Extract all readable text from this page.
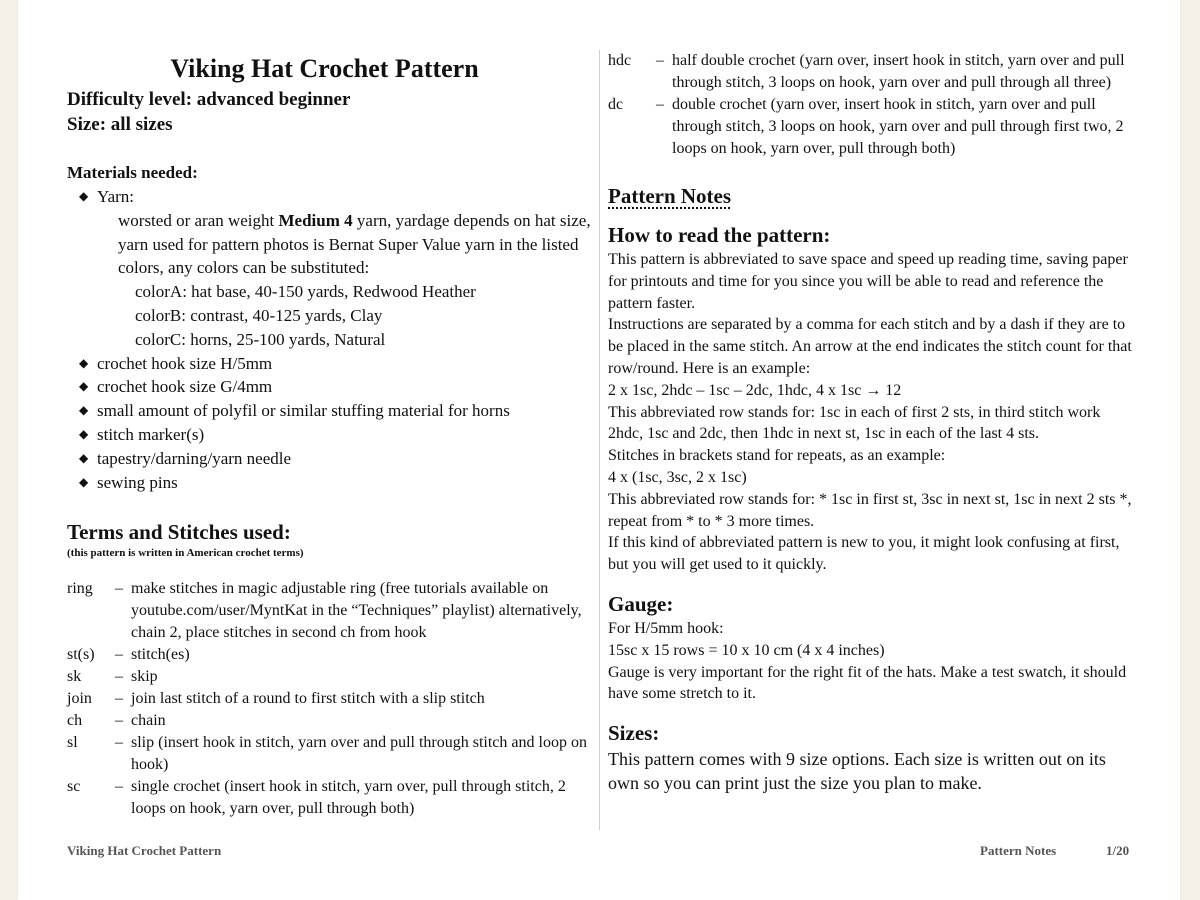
Viking Hat Crochet Pattern
Difficulty level: advanced beginner
Size: all sizes
Materials needed:
◆ Yarn:
worsted or aran weight Medium 4 yarn, yardage depends on hat size, yarn used for pattern photos is Bernat Super Value yarn in the listed colors, any colors can be substituted:
colorA: hat base, 40-150 yards, Redwood Heather
colorB: contrast, 40-125 yards, Clay
colorC: horns, 25-100 yards, Natural
◆ crochet hook size H/5mm
◆ crochet hook size G/4mm
◆ small amount of polyfil or similar stuffing material for horns
◆ stitch marker(s)
◆ tapestry/darning/yarn needle
◆ sewing pins
Terms and Stitches used:
(this pattern is written in American crochet terms)
ring	–	make stitches in magic adjustable ring (free tutorials available on youtube.com/user/MyntKat in the “Techniques” playlist) alternatively, chain 2, place stitches in second ch from hook
st(s)	–	stitch(es)
sk	–	skip
join	–	join last stitch of a round to first stitch with a slip stitch
ch	–	chain
sl	–	slip (insert hook in stitch, yarn over and pull through stitch and loop on hook)
sc	–	single crochet (insert hook in stitch, yarn over, pull through stitch, 2 loops on hook, yarn over, pull through both)
hdc	–	half double crochet (yarn over, insert hook in stitch, yarn over and pull through stitch, 3 loops on hook, yarn over and pull through all three)
dc	–	double crochet (yarn over, insert hook in stitch, yarn over and pull through stitch, 3 loops on hook, yarn over and pull through first two, 2 loops on hook, yarn over, pull through both)
Pattern Notes
How to read the pattern:
This pattern is abbreviated to save space and speed up reading time, saving paper for printouts and time for you since you will be able to read and reference the pattern faster.
Instructions are separated by a comma for each stitch and by a dash if they are to be placed in the same stitch. An arrow at the end indicates the stitch count for that row/round. Here is an example:
2 x 1sc, 2hdc – 1sc – 2dc, 1hdc, 4 x 1sc → 12
This abbreviated row stands for: 1sc in each of first 2 sts, in third stitch work 2hdc, 1sc and 2dc, then 1hdc in next st, 1sc in each of the last 4 sts.
Stitches in brackets stand for repeats, as an example:
4 x (1sc, 3sc, 2 x 1sc)
This abbreviated row stands for: * 1sc in first st, 3sc in next st, 1sc in next 2 sts *, repeat from * to * 3 more times.
If this kind of abbreviated pattern is new to you, it might look confusing at first, but you will get used to it quickly.
Gauge:
For H/5mm hook:
15sc x 15 rows = 10 x 10 cm (4 x 4 inches)
Gauge is very important for the right fit of the hats. Make a test swatch, it should have some stretch to it.
Sizes:
This pattern comes with 9 size options. Each size is written out on its own so you can print just the size you plan to make.
Viking Hat Crochet Pattern	Pattern Notes	1/20
